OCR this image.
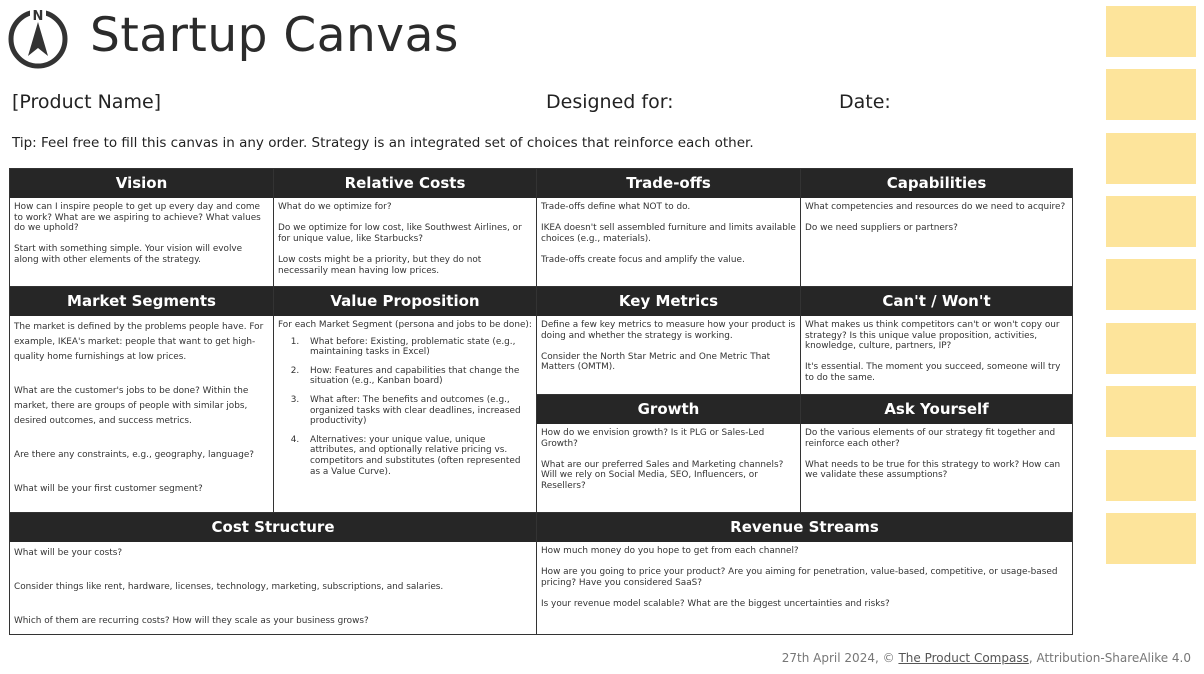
N Startup Canvas
[Product Name]	Designed for:	Date:
Tip: Feel free to fill this canvas in any order. Strategy is an integrated set of choices that reinforce each other.
Vision

How can I inspire people to get up every day and come to work? What are we aspiring to achieve? What values do we uphold?

Start with something simple. Your vision will evolve along with other elements of the strategy.

Relative Costs

What do we optimize for?

Do we optimize for low cost, like Southwest Airlines, or for unique value, like Starbucks?

Low costs might be a priority, but they do not necessarily mean having low prices.

Trade-offs

Trade-offs define what NOT to do.

IKEA doesn't sell assembled furniture and limits available choices (e.g., materials).

Trade-offs create focus and amplify the value.

Capabilities

What competencies and resources do we need to acquire?

Do we need suppliers or partners?

Market Segments

The market is defined by the problems people have. For example, IKEA's market: people that want to get high-quality home furnishings at low prices.

What are the customer's jobs to be done? Within the market, there are groups of people with similar jobs, desired outcomes, and success metrics.

Are there any constraints, e.g., geography, language?

What will be your first customer segment?

Value Proposition

For each Market Segment (persona and jobs to be done):

1. What before: Existing, problematic state (e.g., maintaining tasks in Excel)
2. How: Features and capabilities that change the situation (e.g., Kanban board)
3. What after: The benefits and outcomes (e.g., organized tasks with clear deadlines, increased productivity)
4. Alternatives: your unique value, unique attributes, and optionally relative pricing vs. competitors and substitutes (often represented as a Value Curve).
Key Metrics

Define a few key metrics to measure how your product is doing and whether the strategy is working.

Consider the North Star Metric and One Metric That Matters (OMTM).

Can't / Won't

What makes us think competitors can't or won't copy our strategy? Is this unique value proposition, activities, knowledge, culture, partners, IP?

It's essential. The moment you succeed, someone will try to do the same.

Growth

How do we envision growth? Is it PLG or Sales-Led Growth?

What are our preferred Sales and Marketing channels? Will we rely on Social Media, SEO, Influencers, or Resellers?

Ask Yourself

Do the various elements of our strategy fit together and reinforce each other?

What needs to be true for this strategy to work? How can we validate these assumptions?

Cost Structure

What will be your costs?

Consider things like rent, hardware, licenses, technology, marketing, subscriptions, and salaries.

Which of them are recurring costs? How will they scale as your business grows?

Revenue Streams

How much money do you hope to get from each channel?

How are you going to price your product? Are you aiming for penetration, value-based, competitive, or usage-based pricing? Have you considered SaaS?

Is your revenue model scalable? What are the biggest uncertainties and risks?

27th April 2024, © The Product Compass, Attribution-ShareAlike 4.0
